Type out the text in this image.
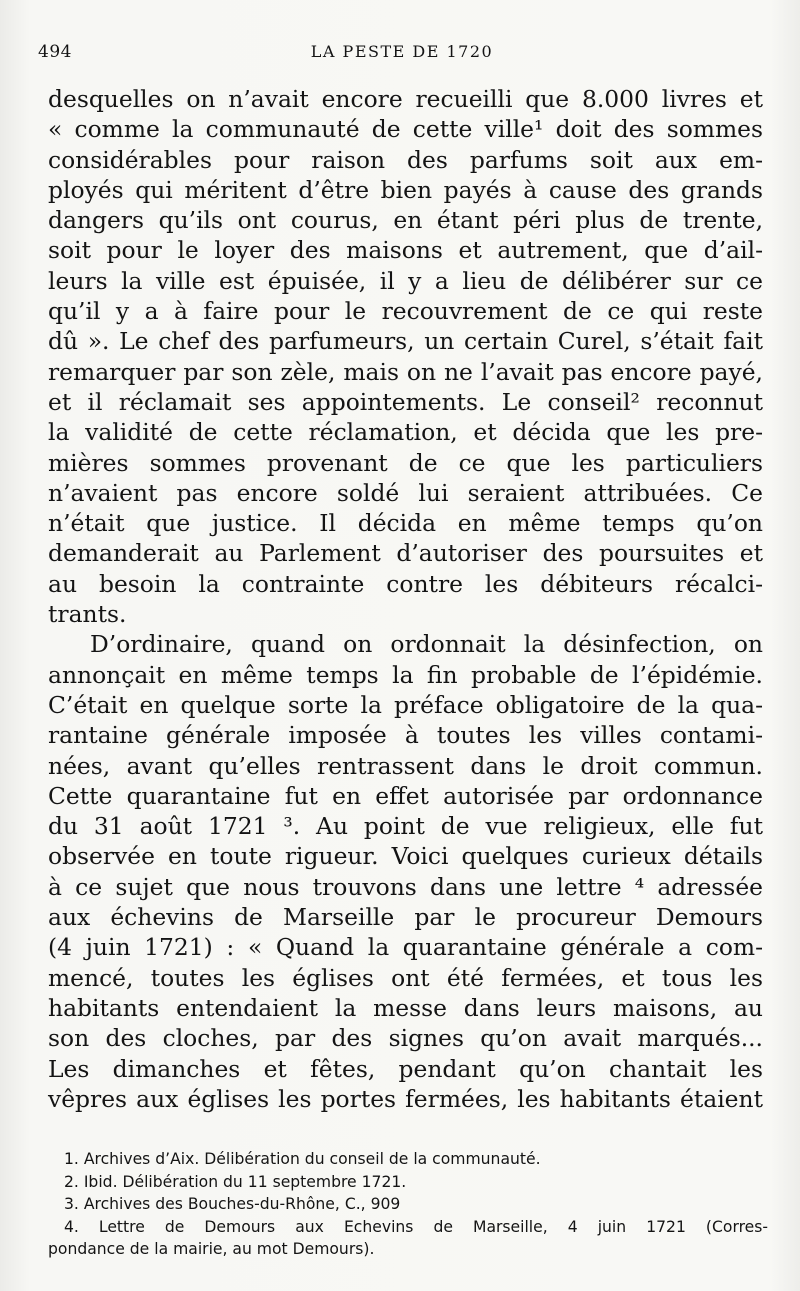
494	LA PESTE DE 1720
desquelles on n’avait encore recueilli que 8.000 livres et
« comme la communauté de cette ville¹ doit des sommes
considérables pour raison des parfums soit aux em-
ployés qui méritent d’être bien payés à cause des grands
dangers qu’ils ont courus, en étant péri plus de trente,
soit pour le loyer des maisons et autrement, que d’ail-
leurs la ville est épuisée, il y a lieu de délibérer sur ce
qu’il y a à faire pour le recouvrement de ce qui reste
dû ». Le chef des parfumeurs, un certain Curel, s’était fait
remarquer par son zèle, mais on ne l’avait pas encore payé,
et il réclamait ses appointements. Le conseil² reconnut
la validité de cette réclamation, et décida que les pre-
mières sommes provenant de ce que les particuliers
n’avaient pas encore soldé lui seraient attribuées. Ce
n’était que justice. Il décida en même temps qu’on
demanderait au Parlement d’autoriser des poursuites et
au besoin la contrainte contre les débiteurs récalci-
trants.
D’ordinaire, quand on ordonnait la désinfection, on
annonçait en même temps la fin probable de l’épidémie.
C’était en quelque sorte la préface obligatoire de la qua-
rantaine générale imposée à toutes les villes contami-
nées, avant qu’elles rentrassent dans le droit commun.
Cette quarantaine fut en effet autorisée par ordonnance
du 31 août 1721 ³. Au point de vue religieux, elle fut
observée en toute rigueur. Voici quelques curieux détails
à ce sujet que nous trouvons dans une lettre ⁴ adressée
aux échevins de Marseille par le procureur Demours
(4 juin 1721) : « Quand la quarantaine générale a com-
mencé, toutes les églises ont été fermées, et tous les
habitants entendaient la messe dans leurs maisons, au
son des cloches, par des signes qu’on avait marqués...
Les dimanches et fêtes, pendant qu’on chantait les
vêpres aux églises les portes fermées, les habitants étaient
1. Archives d’Aix. Délibération du conseil de la communauté.
2. Ibid. Délibération du 11 septembre 1721.
3. Archives des Bouches-du-Rhône, C., 909
4. Lettre de Demours aux Echevins de Marseille, 4 juin 1721 (Corres-
pondance de la mairie, au mot Demours).
